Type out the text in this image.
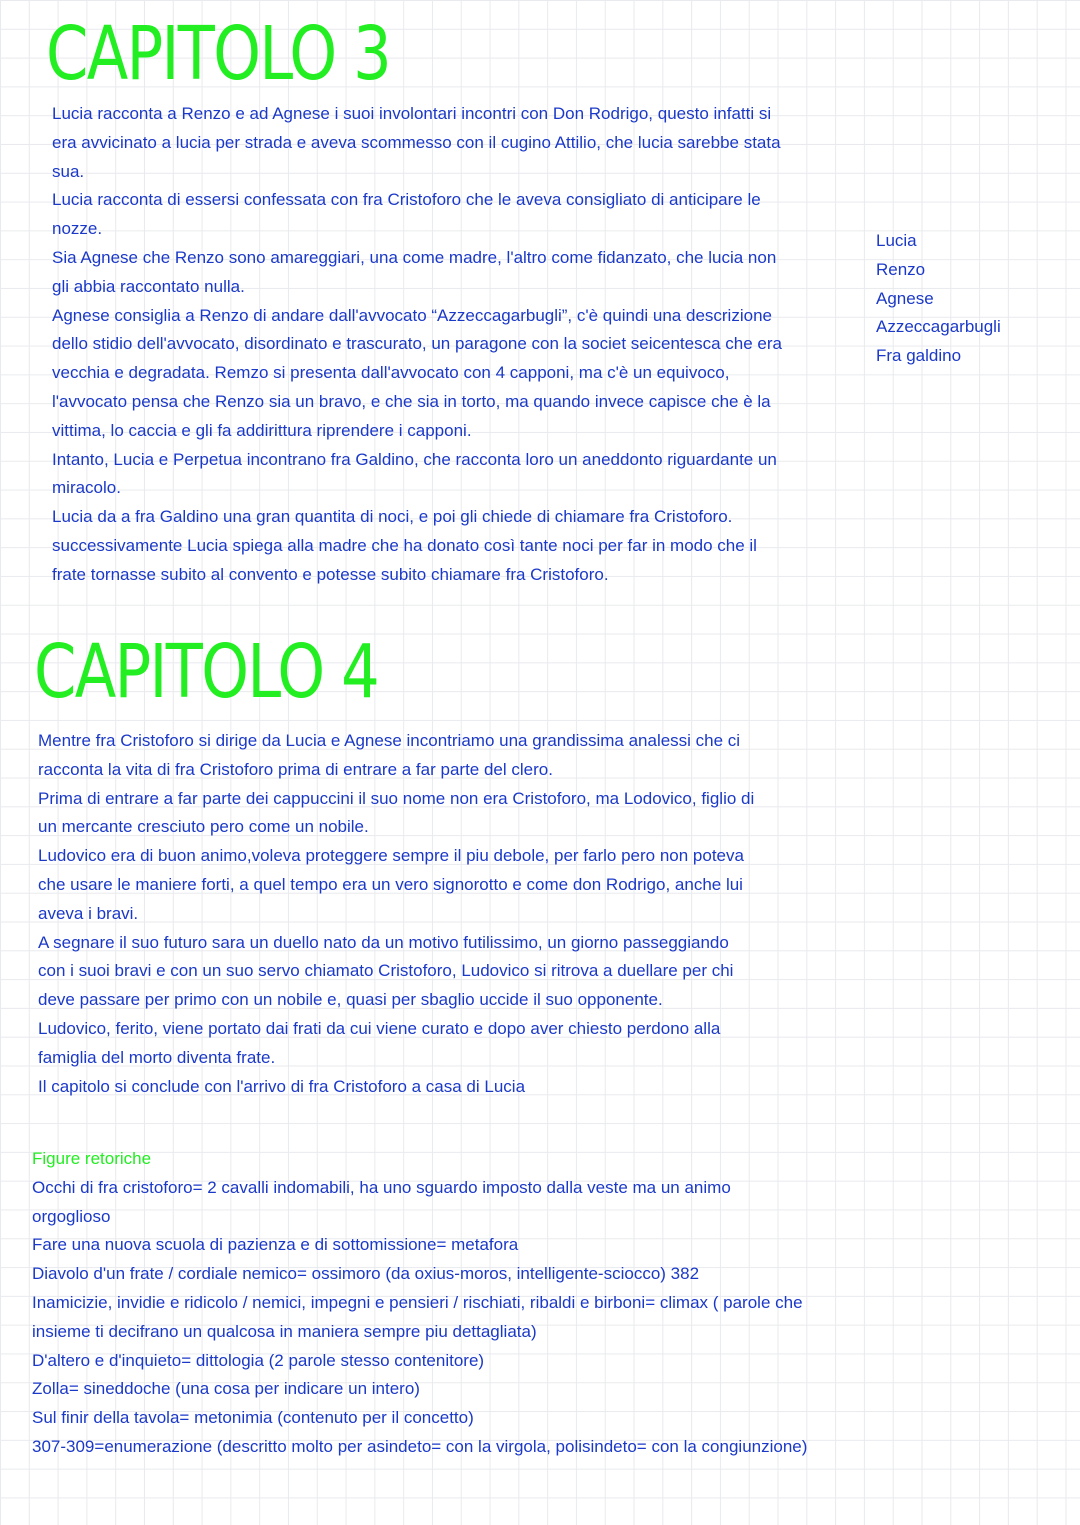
CAPITOLO 3

Lucia racconta a Renzo e ad Agnese i suoi involontari incontri con Don Rodrigo, questo infatti si era avvicinato a lucia per strada e aveva scommesso con il cugino Attilio, che lucia sarebbe stata sua.

Lucia racconta di essersi confessata con fra Cristoforo che le aveva consigliato di anticipare le nozze.

Sia Agnese che Renzo sono amareggiari, una come madre, l'altro come fidanzato, che lucia non gli abbia raccontato nulla.

Agnese consiglia a Renzo di andare dall'avvocato “Azzeccagarbugli”, c'è quindi una descrizione dello stidio dell'avvocato, disordinato e trascurato, un paragone con la societ seicentesca che era vecchia e degradata. Remzo si presenta dall'avvocato con 4 capponi, ma c'è un equivoco, l'avvocato pensa che Renzo sia un bravo, e che sia in torto, ma quando invece capisce che è la vittima, lo caccia e gli fa addirittura riprendere i capponi.

Intanto, Lucia e Perpetua incontrano fra Galdino, che racconta loro un aneddonto riguardante un miracolo.

Lucia da a fra Galdino una gran quantita di noci, e poi gli chiede di chiamare fra Cristoforo. successivamente Lucia spiega alla madre che ha donato così tante noci per far in modo che il frate tornasse subito al convento e potesse subito chiamare fra Cristoforo.

Lucia

Renzo

Agnese

Azzeccagarbugli

Fra galdino

CAPITOLO 4

Mentre fra Cristoforo si dirige da Lucia e Agnese incontriamo una grandissima analessi che ci racconta la vita di fra Cristoforo prima di entrare a far parte del clero.

Prima di entrare a far parte dei cappuccini il suo nome non era Cristoforo, ma Lodovico, figlio di un mercante cresciuto pero come un nobile.

Ludovico era di buon animo,voleva proteggere sempre il piu debole, per farlo pero non poteva che usare le maniere forti, a quel tempo era un vero signorotto e come don Rodrigo, anche lui aveva i bravi.

A segnare il suo futuro sara un duello nato da un motivo futilissimo, un giorno passeggiando con i suoi bravi e con un suo servo chiamato Cristoforo, Ludovico si ritrova a duellare per chi deve passare per primo con un nobile e, quasi per sbaglio uccide il suo opponente.

Ludovico, ferito, viene portato dai frati da cui viene curato e dopo aver chiesto perdono alla famiglia del morto diventa frate.

Il capitolo si conclude con l'arrivo di fra Cristoforo a casa di Lucia

Figure retoriche

Occhi di fra cristoforo= 2 cavalli indomabili, ha uno sguardo imposto dalla veste ma un animo orgoglioso

Fare una nuova scuola di pazienza e di sottomissione= metafora

Diavolo d'un frate / cordiale nemico= ossimoro (da oxius-moros, intelligente-sciocco) 382

Inamicizie, invidie e ridicolo / nemici, impegni e pensieri / rischiati, ribaldi e birboni= climax ( parole che insieme ti decifrano un qualcosa in maniera sempre piu dettagliata)

D'altero e d'inquieto= dittologia (2 parole stesso contenitore)

Zolla= sineddoche (una cosa per indicare un intero)

Sul finir della tavola= metonimia (contenuto per il concetto)

307-309=enumerazione (descritto molto per asindeto= con la virgola, polisindeto= con la congiunzione)
